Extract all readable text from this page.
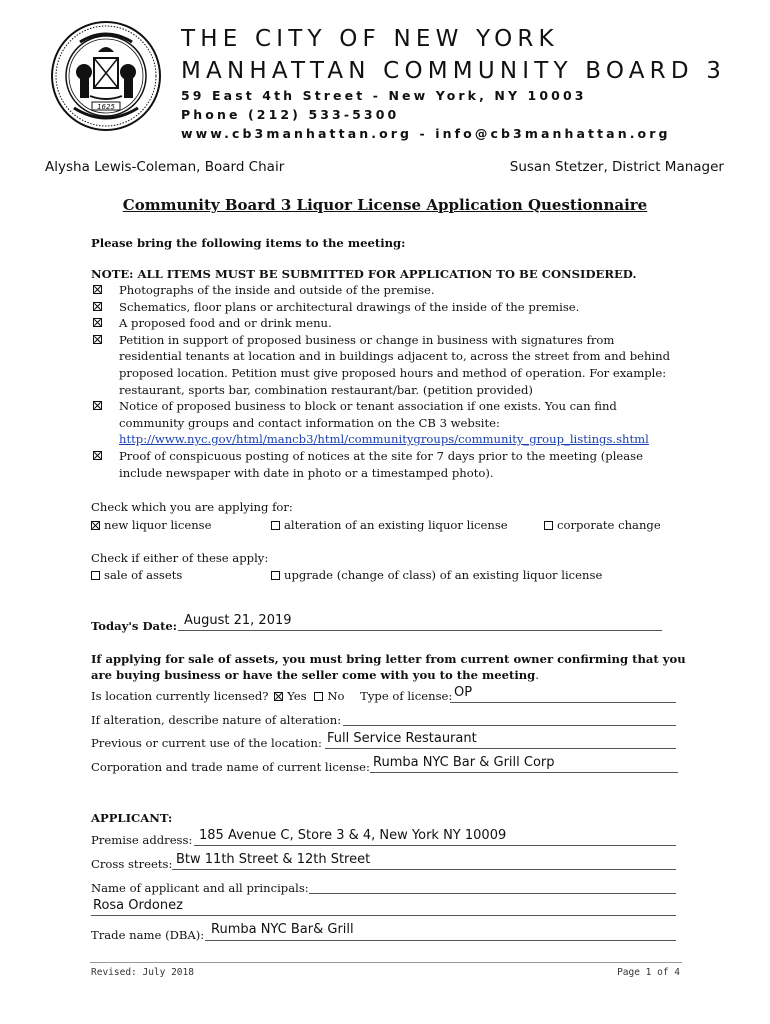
1625
THE CITY OF NEW YORK
MANHATTAN COMMUNITY BOARD 3
59 East 4th Street - New York, NY 10003
Phone (212) 533-5300
www.cb3manhattan.org - info@cb3manhattan.org
Alysha Lewis-Coleman, Board Chair	Susan Stetzer, District Manager
Community Board 3 Liquor License Application Questionnaire
Please bring the following items to the meeting:
NOTE: ALL ITEMS MUST BE SUBMITTED FOR APPLICATION TO BE CONSIDERED.
Photographs of the inside and outside of the premise.
Schematics, floor plans or architectural drawings of the inside of the premise.
A proposed food and or drink menu.
Petition in support of proposed business or change in business with signatures from
residential tenants at location and in buildings adjacent to, across the street from and behind
proposed location. Petition must give proposed hours and method of operation. For example:
restaurant, sports bar, combination restaurant/bar. (petition provided)
Notice of proposed business to block or tenant association if one exists. You can find
community groups and contact information on the CB 3 website:
http://www.nyc.gov/html/mancb3/html/communitygroups/community_group_listings.shtml
Proof of conspicuous posting of notices at the site for 7 days prior to the meeting (please
include newspaper with date in photo or a timestamped photo).
Check which you are applying for:
new liquor license	alteration of an existing liquor license	corporate change
Check if either of these apply:
sale of assets	upgrade (change of class) of an existing liquor license
Today's Date: August 21, 2019
If applying for sale of assets, you must bring letter from current owner confirming that you
are buying business or have the seller come with you to the meeting.
Is location currently licensed? Yes No Type of license: OP
If alteration, describe nature of alteration:
Previous or current use of the location: Full Service Restaurant
Corporation and trade name of current license: Rumba NYC Bar & Grill Corp
APPLICANT:
Premise address: 185 Avenue C, Store 3 & 4, New York NY 10009
Cross streets: Btw 11th Street & 12th Street
Name of applicant and all principals:
Rosa Ordonez
Trade name (DBA): Rumba NYC Bar& Grill
Revised: July 2018	Page 1 of 4
